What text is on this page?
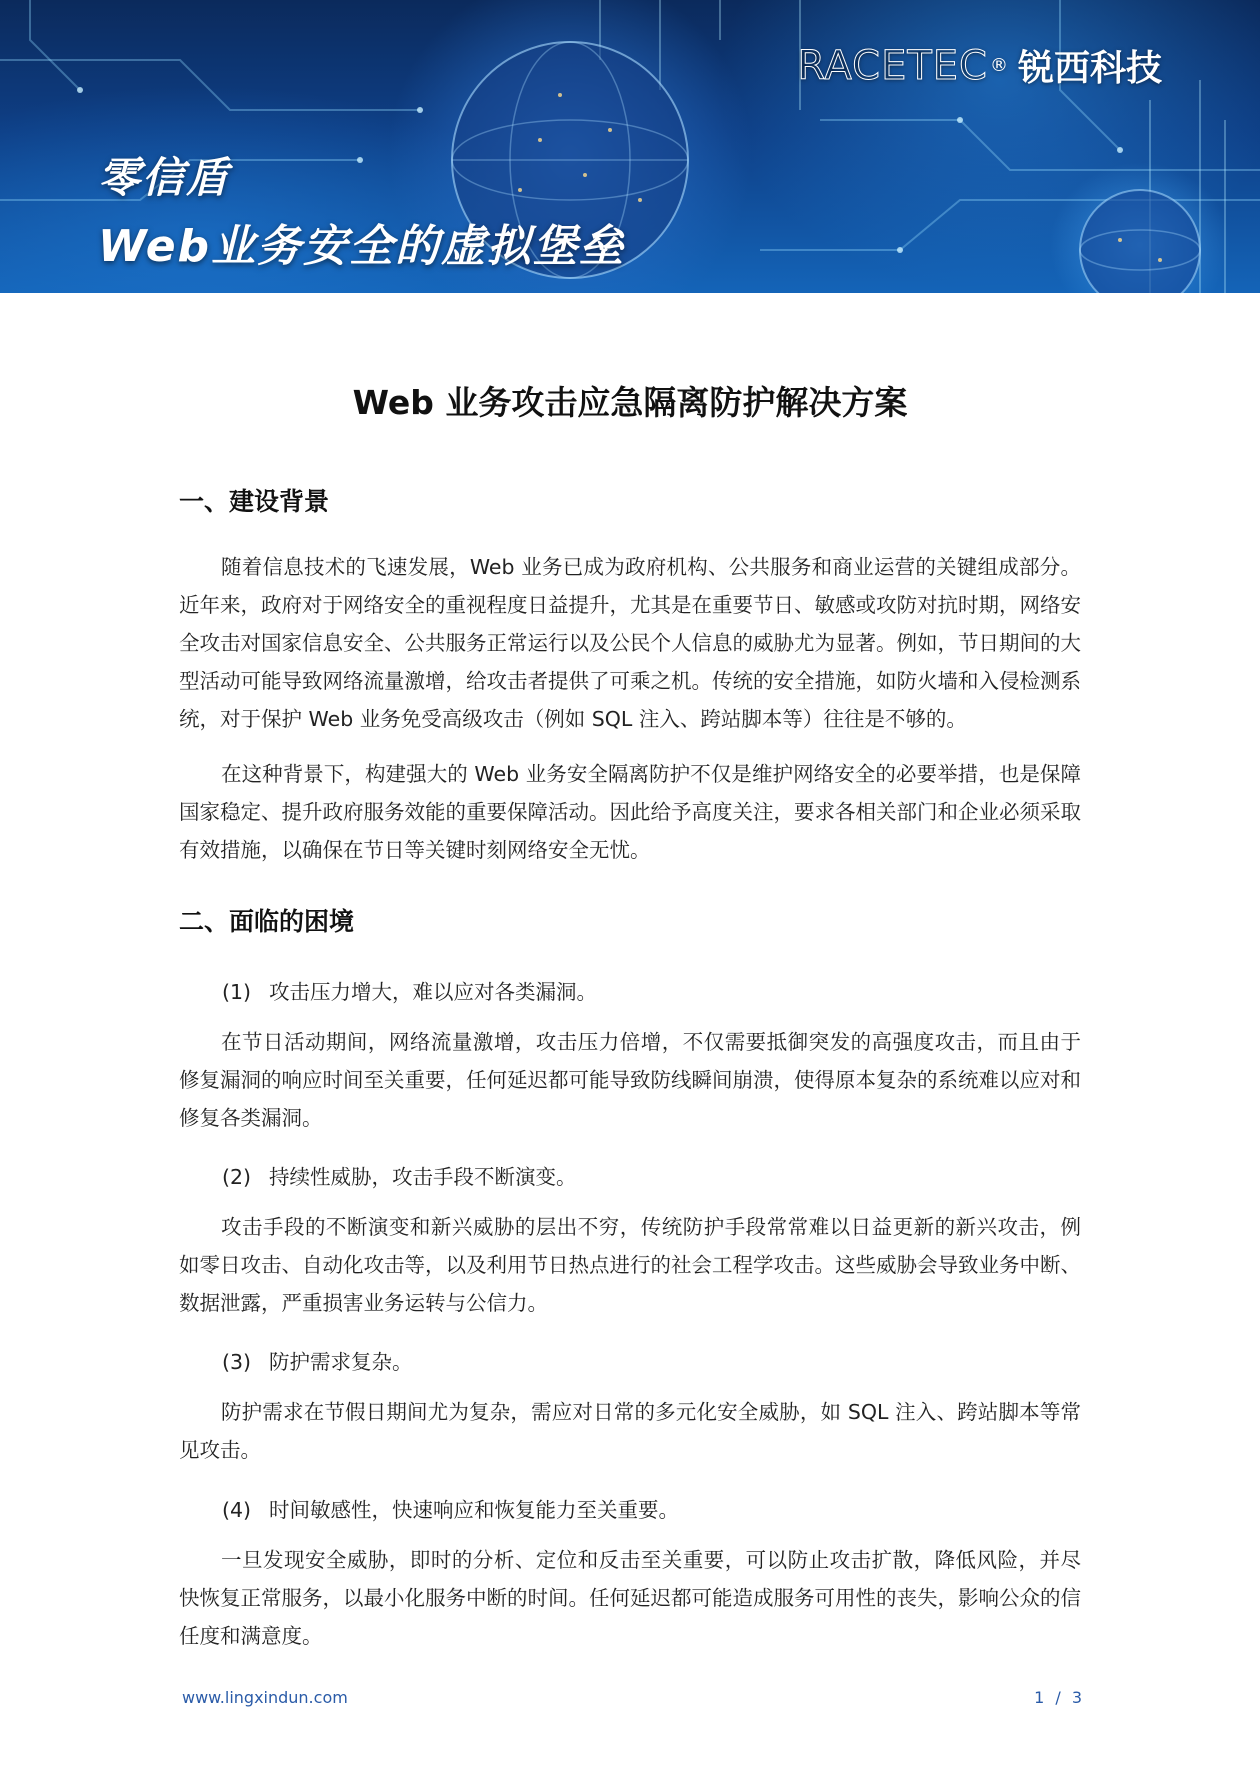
零信盾
Web业务安全的虚拟堡垒
RACETEC ® 锐西科技
Web 业务攻击应急隔离防护解决方案
一、建设背景
随着信息技术的飞速发展，Web 业务已成为政府机构、公共服务和商业运营的关键组成部分。近年来，政府对于网络安全的重视程度日益提升，尤其是在重要节日、敏感或攻防对抗时期，网络安全攻击对国家信息安全、公共服务正常运行以及公民个人信息的威胁尤为显著。例如，节日期间的大型活动可能导致网络流量激增，给攻击者提供了可乘之机。传统的安全措施，如防火墙和入侵检测系统，对于保护 Web 业务免受高级攻击（例如 SQL 注入、跨站脚本等）往往是不够的。
在这种背景下，构建强大的 Web 业务安全隔离防护不仅是维护网络安全的必要举措，也是保障国家稳定、提升政府服务效能的重要保障活动。因此给予高度关注，要求各相关部门和企业必须采取有效措施，以确保在节日等关键时刻网络安全无忧。
二、面临的困境
(1) 攻击压力增大，难以应对各类漏洞。
在节日活动期间，网络流量激增，攻击压力倍增，不仅需要抵御突发的高强度攻击，而且由于修复漏洞的响应时间至关重要，任何延迟都可能导致防线瞬间崩溃，使得原本复杂的系统难以应对和修复各类漏洞。
(2) 持续性威胁，攻击手段不断演变。
攻击手段的不断演变和新兴威胁的层出不穷，传统防护手段常常难以日益更新的新兴攻击，例如零日攻击、自动化攻击等，以及利用节日热点进行的社会工程学攻击。这些威胁会导致业务中断、数据泄露，严重损害业务运转与公信力。
(3) 防护需求复杂。
防护需求在节假日期间尤为复杂，需应对日常的多元化安全威胁，如 SQL 注入、跨站脚本等常见攻击。
(4) 时间敏感性，快速响应和恢复能力至关重要。
一旦发现安全威胁，即时的分析、定位和反击至关重要，可以防止攻击扩散，降低风险，并尽快恢复正常服务，以最小化服务中断的时间。任何延迟都可能造成服务可用性的丧失，影响公众的信任度和满意度。
www.lingxindun.com	1 / 3
